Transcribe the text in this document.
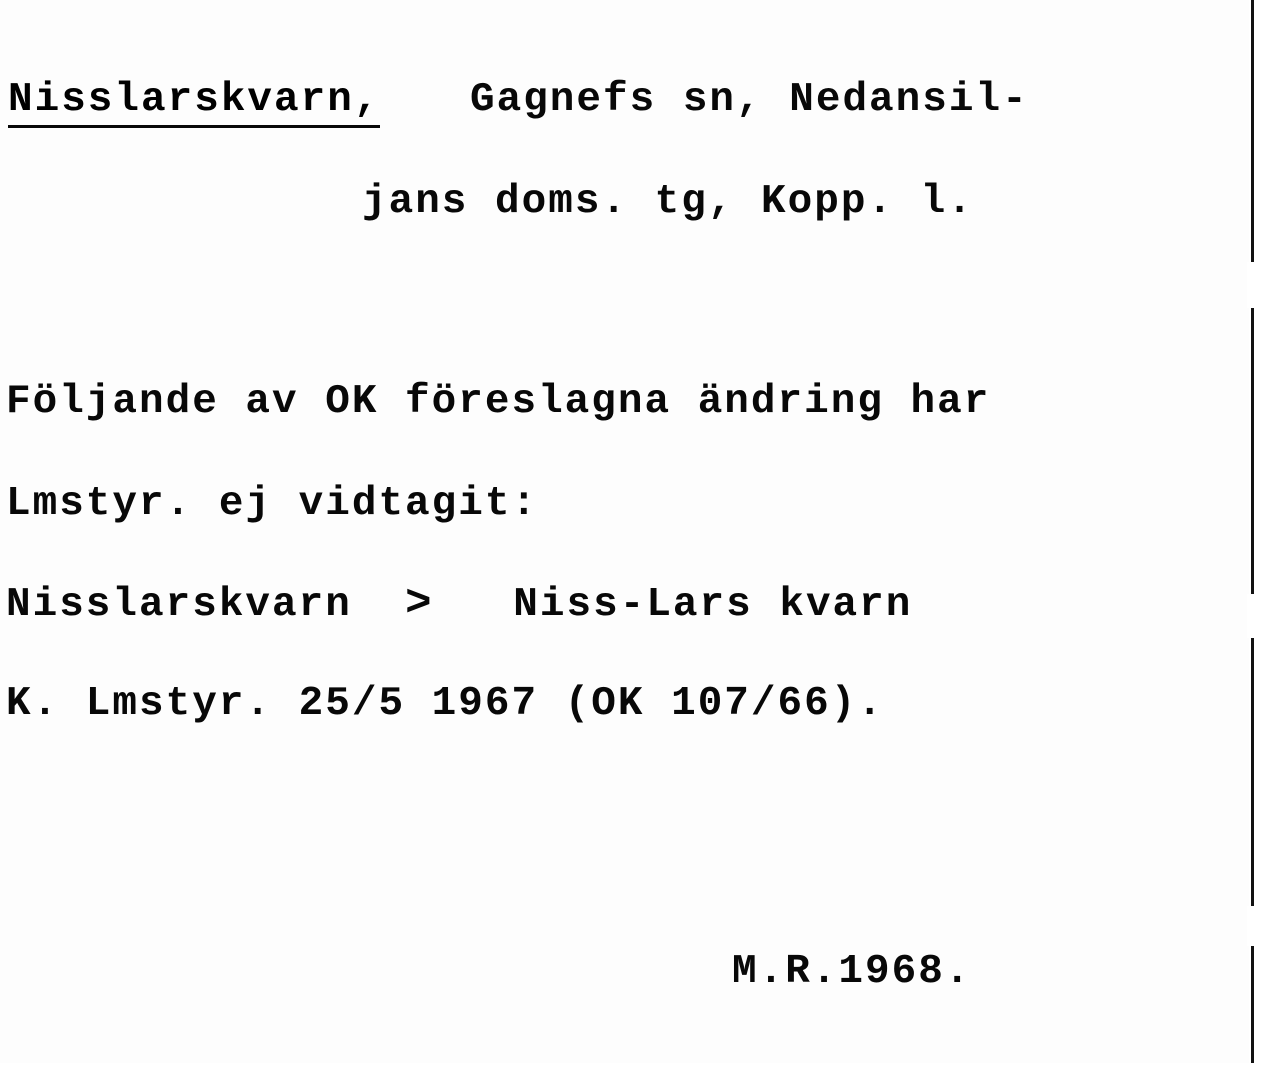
Nisslarskvarn, Gagnefs sn, Nedansil-
jans doms. tg, Kopp. l.
Följande av OK föreslagna ändring har
Lmstyr. ej vidtagit:
Nisslarskvarn > Niss-Lars kvarn
K. Lmstyr. 25/5 1967 (OK 107/66).
M.R.1968.
